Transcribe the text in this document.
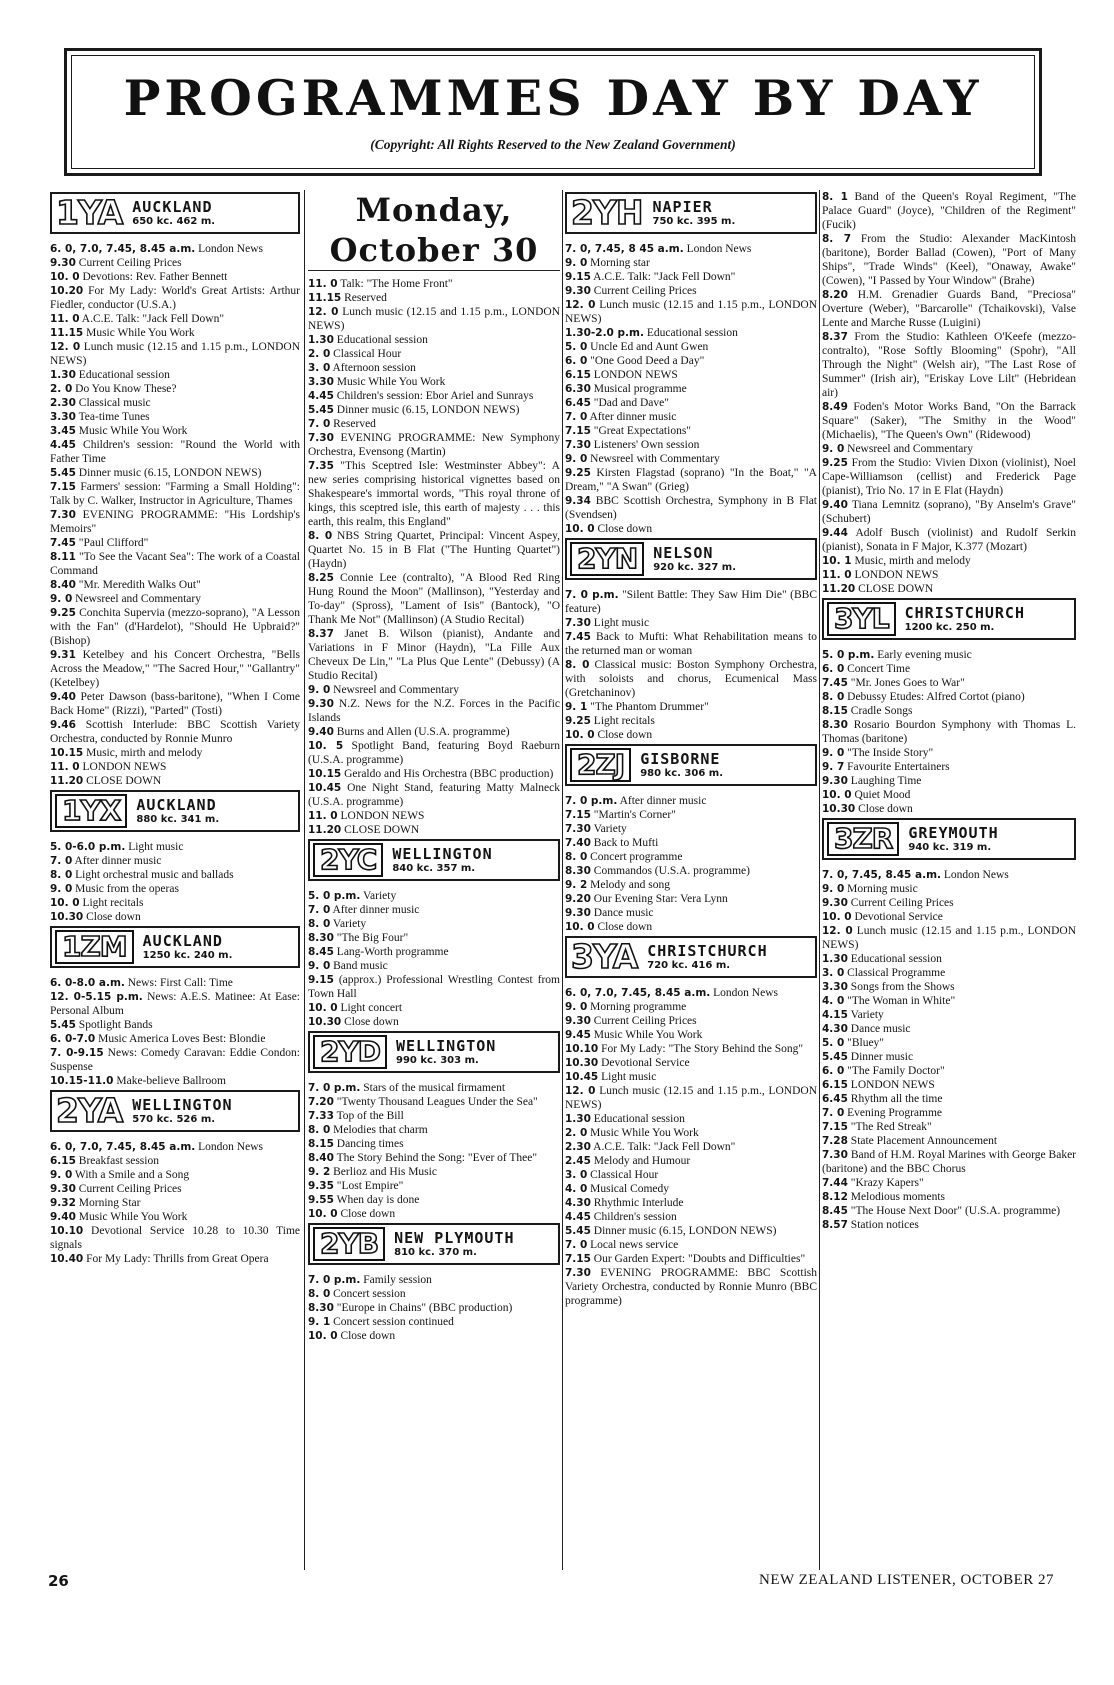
PROGRAMMES DAY BY DAY
(Copyright: All Rights Reserved to the New Zealand Government)
1YA AUCKLAND
650 kc. 462 m.

6. 0, 7.0, 7.45, 8.45 a.m. London News

9.30 Current Ceiling Prices

10. 0 Devotions: Rev. Father Bennett

10.20 For My Lady: World's Great Artists: Arthur Fiedler, conductor (U.S.A.)

11. 0 A.C.E. Talk: "Jack Fell Down"

11.15 Music While You Work

12. 0 Lunch music (12.15 and 1.15 p.m., LONDON NEWS)

1.30 Educational session

2. 0 Do You Know These?

2.30 Classical music

3.30 Tea-time Tunes

3.45 Music While You Work

4.45 Children's session: "Round the World with Father Time

5.45 Dinner music (6.15, LONDON NEWS)

7.15 Farmers' session: "Farming a Small Holding": Talk by C. Walker, Instructor in Agriculture, Thames

7.30 EVENING PROGRAMME: "His Lordship's Memoirs"

7.45 "Paul Clifford"

8.11 "To See the Vacant Sea": The work of a Coastal Command

8.40 "Mr. Meredith Walks Out"

9. 0 Newsreel and Commentary

9.25 Conchita Supervia (mezzo-soprano), "A Lesson with the Fan" (d'Hardelot), "Should He Upbraid?" (Bishop)

9.31 Ketelbey and his Concert Orchestra, "Bells Across the Meadow," "The Sacred Hour," "Gallantry" (Ketelbey)

9.40 Peter Dawson (bass-baritone), "When I Come Back Home" (Rizzi), "Parted" (Tosti)

9.46 Scottish Interlude: BBC Scottish Variety Orchestra, conducted by Ronnie Munro

10.15 Music, mirth and melody

11. 0 LONDON NEWS

11.20 CLOSE DOWN

1YX	AUCKLAND
880 kc. 341 m.

5. 0-6.0 p.m. Light music

7. 0 After dinner music

8. 0 Light orchestral music and ballads

9. 0 Music from the operas

10. 0 Light recitals

10.30 Close down

1ZM	AUCKLAND
1250 kc. 240 m.

6. 0-8.0 a.m. News: First Call: Time

12. 0-5.15 p.m. News: A.E.S. Matinee: At Ease: Personal Album

5.45 Spotlight Bands

6. 0-7.0 Music America Loves Best: Blondie

7. 0-9.15 News: Comedy Caravan: Eddie Condon: Suspense

10.15-11.0 Make-believe Ballroom

2YA WELLINGTON
570 kc. 526 m.

6. 0, 7.0, 7.45, 8.45 a.m. London News

6.15 Breakfast session

9. 0 With a Smile and a Song

9.30 Current Ceiling Prices

9.32 Morning Star

9.40 Music While You Work

10.10 Devotional Service 10.28 to 10.30 Time signals

10.40 For My Lady: Thrills from Great Opera

Monday, October 30

11. 0 Talk: "The Home Front"

11.15 Reserved

12. 0 Lunch music (12.15 and 1.15 p.m., LONDON NEWS)

1.30 Educational session

2. 0 Classical Hour

3. 0 Afternoon session

3.30 Music While You Work

4.45 Children's session: Ebor Ariel and Sunrays

5.45 Dinner music (6.15, LONDON NEWS)

7. 0 Reserved

7.30 EVENING PROGRAMME: New Symphony Orchestra, Evensong (Martin)

7.35 "This Sceptred Isle: Westminster Abbey": A new series comprising historical vignettes based on Shakespeare's immortal words, "This royal throne of kings, this sceptred isle, this earth of majesty . . . this earth, this realm, this England"

8. 0 NBS String Quartet, Principal: Vincent Aspey, Quartet No. 15 in B Flat ("The Hunting Quartet") (Haydn)

8.25 Connie Lee (contralto), "A Blood Red Ring Hung Round the Moon" (Mallinson), "Yesterday and To-day" (Spross), "Lament of Isis" (Bantock), "O Thank Me Not" (Mallinson) (A Studio Recital)

8.37 Janet B. Wilson (pianist), Andante and Variations in F Minor (Haydn), "La Fille Aux Cheveux De Lin," "La Plus Que Lente" (Debussy) (A Studio Recital)

9. 0 Newsreel and Commentary

9.30 N.Z. News for the N.Z. Forces in the Pacific Islands

9.40 Burns and Allen (U.S.A. programme)

10. 5 Spotlight Band, featuring Boyd Raeburn (U.S.A. programme)

10.15 Geraldo and His Orchestra (BBC production)

10.45 One Night Stand, featuring Matty Malneck (U.S.A. programme)

11. 0 LONDON NEWS

11.20 CLOSE DOWN

2YC	WELLINGTON
840 kc. 357 m.

5. 0 p.m. Variety

7. 0 After dinner music

8. 0 Variety

8.30 "The Big Four"

8.45 Lang-Worth programme

9. 0 Band music

9.15 (approx.) Professional Wrestling Contest from Town Hall

10. 0 Light concert

10.30 Close down

2YD	WELLINGTON
990 kc. 303 m.

7. 0 p.m. Stars of the musical firmament

7.20 "Twenty Thousand Leagues Under the Sea"

7.33 Top of the Bill

8. 0 Melodies that charm

8.15 Dancing times

8.40 The Story Behind the Song: "Ever of Thee"

9. 2 Berlioz and His Music

9.35 "Lost Empire"

9.55 When day is done

10. 0 Close down

2YB	NEW PLYMOUTH
810 kc. 370 m.

7. 0 p.m. Family session

8. 0 Concert session

8.30 "Europe in Chains" (BBC production)

9. 1 Concert session continued

10. 0 Close down

2YH NAPIER
750 kc. 395 m.

7. 0, 7.45, 8 45 a.m. London News

9. 0 Morning star

9.15 A.C.E. Talk: "Jack Fell Down"

9.30 Current Ceiling Prices

12. 0 Lunch music (12.15 and 1.15 p.m., LONDON NEWS)

1.30-2.0 p.m. Educational session

5. 0 Uncle Ed and Aunt Gwen

6. 0 "One Good Deed a Day"

6.15 LONDON NEWS

6.30 Musical programme

6.45 "Dad and Dave"

7. 0 After dinner music

7.15 "Great Expectations"

7.30 Listeners' Own session

9. 0 Newsreel with Commentary

9.25 Kirsten Flagstad (soprano) "In the Boat," "A Dream," "A Swan" (Grieg)

9.34 BBC Scottish Orchestra, Symphony in B Flat (Svendsen)

10. 0 Close down

2YN	NELSON
920 kc. 327 m.

7. 0 p.m. "Silent Battle: They Saw Him Die" (BBC feature)

7.30 Light music

7.45 Back to Mufti: What Rehabilitation means to the returned man or woman

8. 0 Classical music: Boston Symphony Orchestra, with soloists and chorus, Ecumenical Mass (Gretchaninov)

9. 1 "The Phantom Drummer"

9.25 Light recitals

10. 0 Close down

2ZJ	GISBORNE
980 kc. 306 m.

7. 0 p.m. After dinner music

7.15 "Martin's Corner"

7.30 Variety

7.40 Back to Mufti

8. 0 Concert programme

8.30 Commandos (U.S.A. programme)

9. 2 Melody and song

9.20 Our Evening Star: Vera Lynn

9.30 Dance music

10. 0 Close down

3YA CHRISTCHURCH
720 kc. 416 m.

6. 0, 7.0, 7.45, 8.45 a.m. London News

9. 0 Morning programme

9.30 Current Ceiling Prices

9.45 Music While You Work

10.10 For My Lady: "The Story Behind the Song"

10.30 Devotional Service

10.45 Light music

12. 0 Lunch music (12.15 and 1.15 p.m., LONDON NEWS)

1.30 Educational session

2. 0 Music While You Work

2.30 A.C.E. Talk: "Jack Fell Down"

2.45 Melody and Humour

3. 0 Classical Hour

4. 0 Musical Comedy

4.30 Rhythmic Interlude

4.45 Children's session

5.45 Dinner music (6.15, LONDON NEWS)

7. 0 Local news service

7.15 Our Garden Expert: "Doubts and Difficulties"

7.30 EVENING PROGRAMME: BBC Scottish Variety Orchestra, conducted by Ronnie Munro (BBC programme)

8. 1 Band of the Queen's Royal Regiment, "The Palace Guard" (Joyce), "Children of the Regiment" (Fucik)

8. 7 From the Studio: Alexander MacKintosh (baritone), Border Ballad (Cowen), "Port of Many Ships", "Trade Winds" (Keel), "Onaway, Awake" (Cowen), "I Passed by Your Window" (Brahe)

8.20 H.M. Grenadier Guards Band, "Preciosa" Overture (Weber), "Barcarolle" (Tchaikovski), Valse Lente and Marche Russe (Luigini)

8.37 From the Studio: Kathleen O'Keefe (mezzo-contralto), "Rose Softly Blooming" (Spohr), "All Through the Night" (Welsh air), "The Last Rose of Summer" (Irish air), "Eriskay Love Lilt" (Hebridean air)

8.49 Foden's Motor Works Band, "On the Barrack Square" (Saker), "The Smithy in the Wood" (Michaelis), "The Queen's Own" (Ridewood)

9. 0 Newsreel and Commentary

9.25 From the Studio: Vivien Dixon (violinist), Noel Cape-Williamson (cellist) and Frederick Page (pianist), Trio No. 17 in E Flat (Haydn)

9.40 Tiana Lemnitz (soprano), "By Anselm's Grave" (Schubert)

9.44 Adolf Busch (violinist) and Rudolf Serkin (pianist), Sonata in F Major, K.377 (Mozart)

10. 1 Music, mirth and melody

11. 0 LONDON NEWS

11.20 CLOSE DOWN

3YL	CHRISTCHURCH
1200 kc. 250 m.

5. 0 p.m. Early evening music

6. 0 Concert Time

7.45 "Mr. Jones Goes to War"

8. 0 Debussy Etudes: Alfred Cortot (piano)

8.15 Cradle Songs

8.30 Rosario Bourdon Symphony with Thomas L. Thomas (baritone)

9. 0 "The Inside Story"

9. 7 Favourite Entertainers

9.30 Laughing Time

10. 0 Quiet Mood

10.30 Close down

3ZR	GREYMOUTH
940 kc. 319 m.

7. 0, 7.45, 8.45 a.m. London News

9. 0 Morning music

9.30 Current Ceiling Prices

10. 0 Devotional Service

12. 0 Lunch music (12.15 and 1.15 p.m., LONDON NEWS)

1.30 Educational session

3. 0 Classical Programme

3.30 Songs from the Shows

4. 0 "The Woman in White"

4.15 Variety

4.30 Dance music

5. 0 "Bluey"

5.45 Dinner music

6. 0 "The Family Doctor"

6.15 LONDON NEWS

6.45 Rhythm all the time

7. 0 Evening Programme

7.15 "The Red Streak"

7.28 State Placement Announcement

7.30 Band of H.M. Royal Marines with George Baker (baritone) and the BBC Chorus

7.44 "Krazy Kapers"

8.12 Melodious moments

8.45 "The House Next Door" (U.S.A. programme)

8.57 Station notices

26	NEW ZEALAND LISTENER, OCTOBER 27
